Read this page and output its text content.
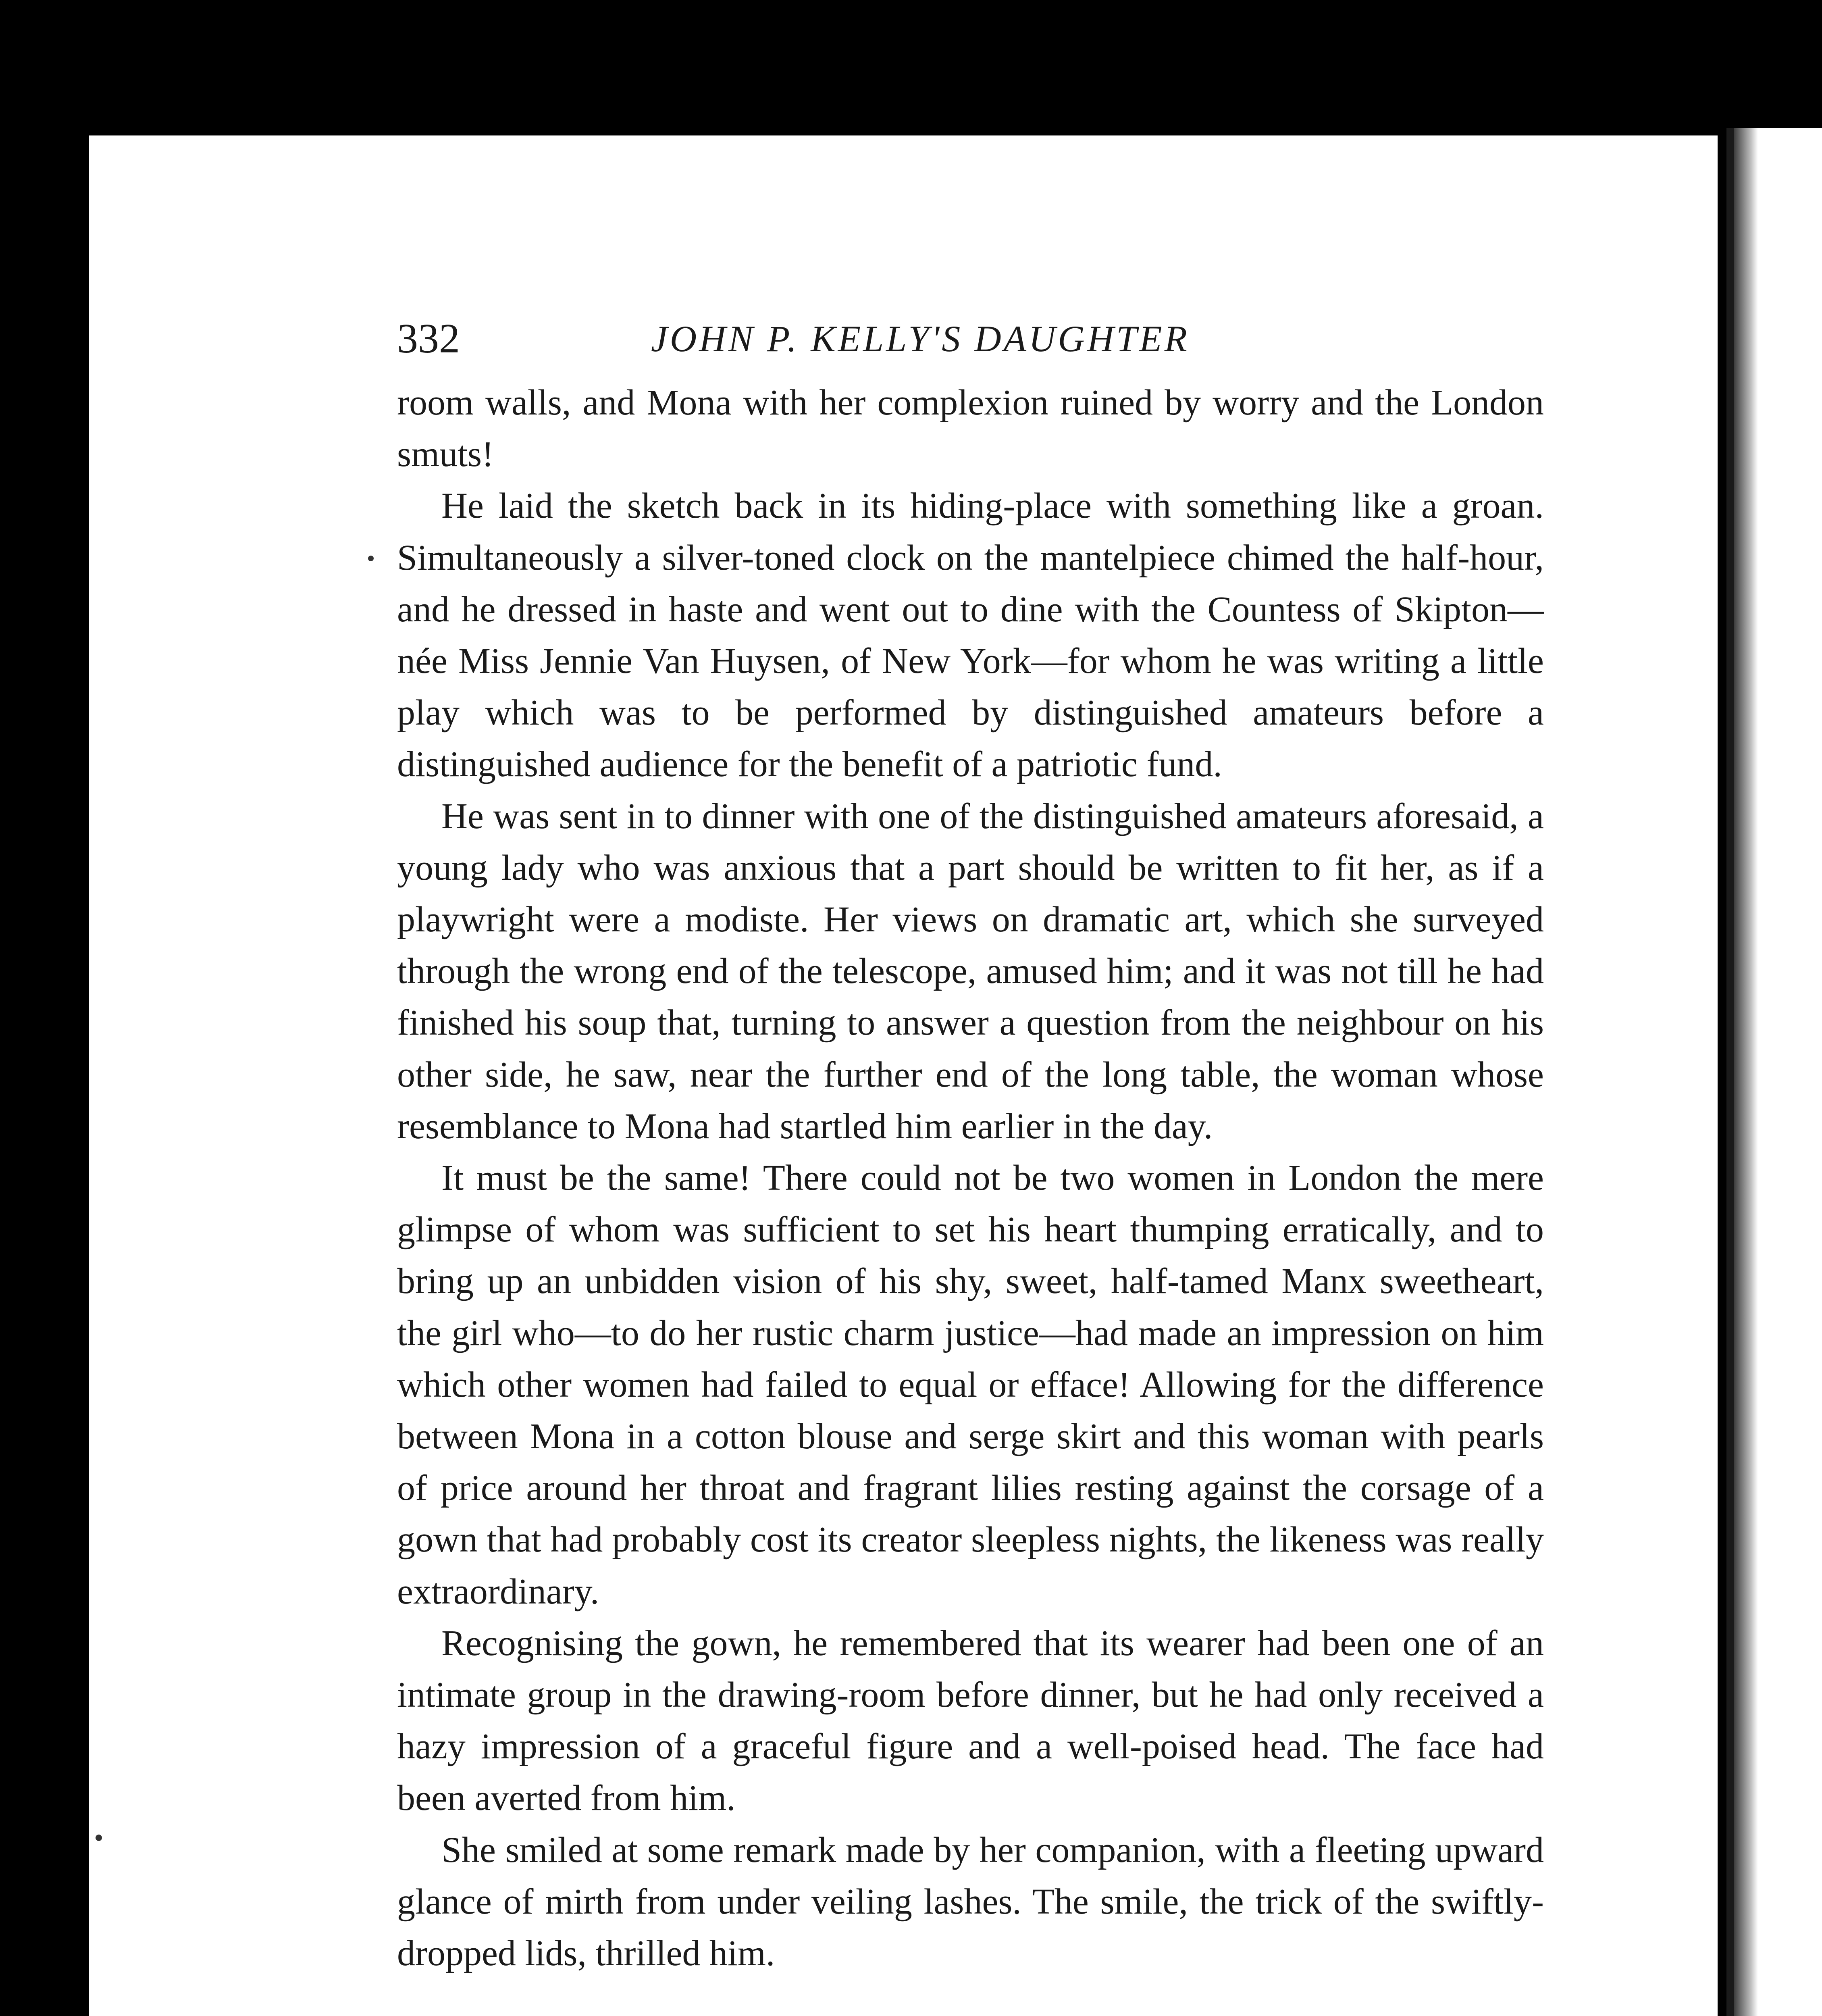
332	JOHN P. KELLY'S DAUGHTER

room walls, and Mona with her complexion ruined by worry and the London smuts!

He laid the sketch back in its hiding-place with something like a groan. Simultaneously a silver-toned clock on the mantelpiece chimed the half-hour, and he dressed in haste and went out to dine with the Countess of Skipton—née Miss Jennie Van Huysen, of New York—for whom he was writing a little play which was to be performed by distinguished amateurs before a distinguished audience for the benefit of a patriotic fund.

He was sent in to dinner with one of the distinguished amateurs aforesaid, a young lady who was anxious that a part should be written to fit her, as if a playwright were a modiste. Her views on dramatic art, which she surveyed through the wrong end of the telescope, amused him; and it was not till he had finished his soup that, turning to answer a question from the neighbour on his other side, he saw, near the further end of the long table, the woman whose resemblance to Mona had startled him earlier in the day.

It must be the same! There could not be two women in London the mere glimpse of whom was sufficient to set his heart thumping erratically, and to bring up an unbidden vision of his shy, sweet, half-tamed Manx sweetheart, the girl who—to do her rustic charm justice—had made an impression on him which other women had failed to equal or efface! Allowing for the difference between Mona in a cotton blouse and serge skirt and this woman with pearls of price around her throat and fragrant lilies resting against the corsage of a gown that had probably cost its creator sleepless nights, the likeness was really extraordinary.

Recognising the gown, he remembered that its wearer had been one of an intimate group in the drawing-room before dinner, but he had only received a hazy impression of a graceful figure and a well-poised head. The face had been averted from him.

She smiled at some remark made by her companion, with a fleeting upward glance of mirth from under veiling lashes. The smile, the trick of the swiftly-dropped lids, thrilled him.
